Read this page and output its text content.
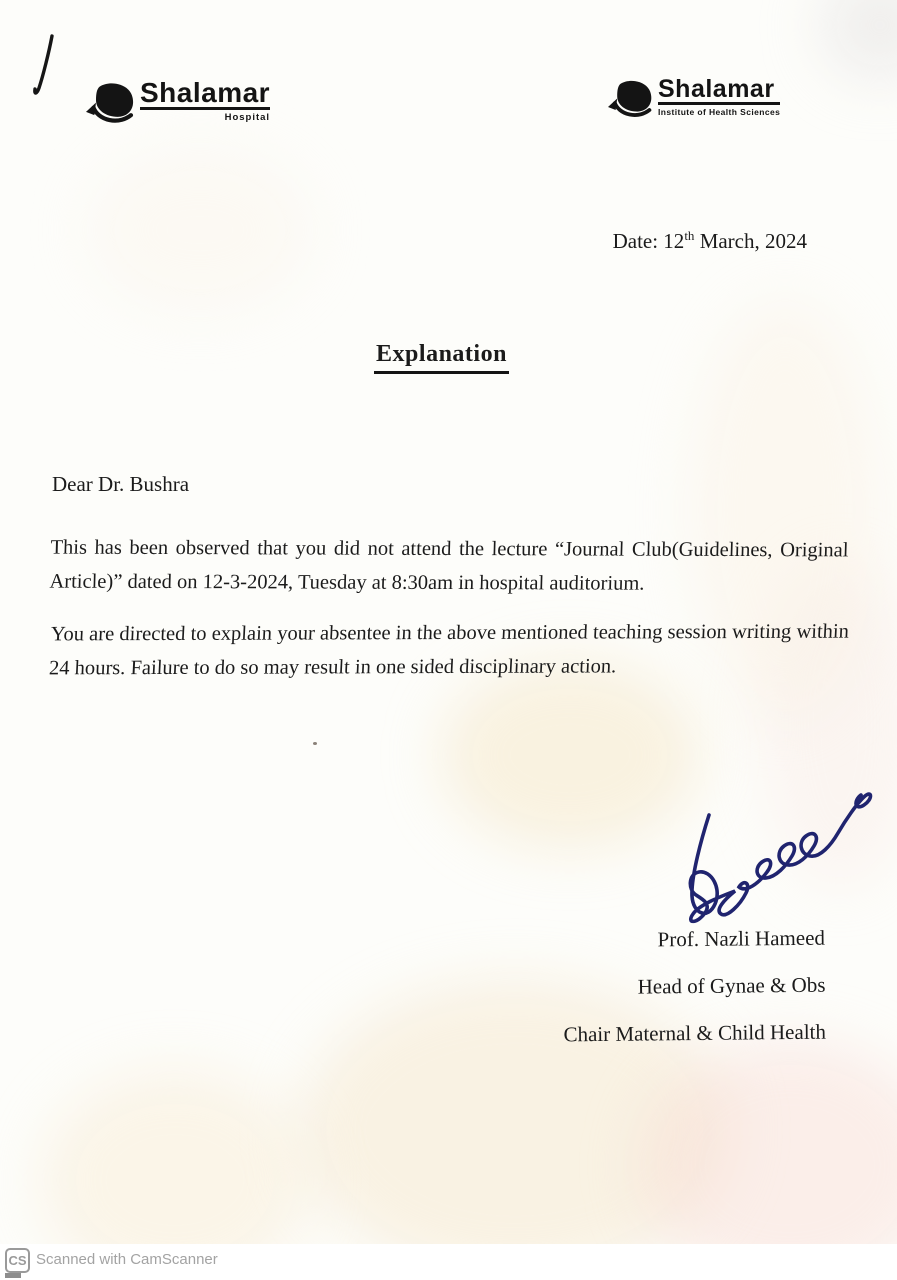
Shalamar
Hospital
Shalamar
Institute of Health Sciences
Date: 12th March, 2024
Explanation
Dear Dr. Bushra

This has been observed that you did not attend the lecture “Journal Club(Guidelines, Original Article)” dated on 12-3-2024, Tuesday at 8:30am in hospital auditorium.

You are directed to explain your absentee in the above mentioned teaching session writing within 24 hours. Failure to do so may result in one sided disciplinary action.

Prof. Nazli Hameed
Head of Gynae & Obs
Chair Maternal & Child Health
CS Scanned with CamScanner
